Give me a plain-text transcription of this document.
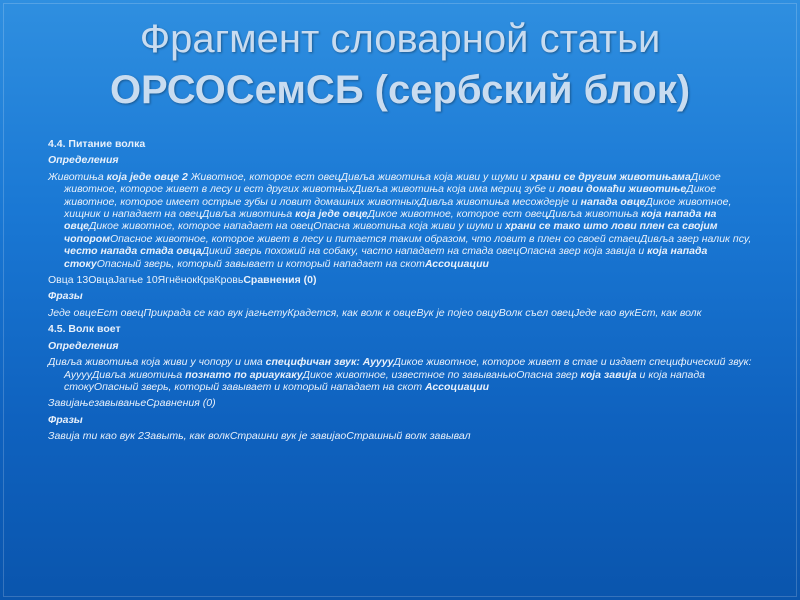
Фрагмент словарной статьи
ОРСОСемСБ (сербский блок)

4.4. Питание волка

Определения

Животиња која једе овце 2 Животное, которое ест овецДивља животиња која живи у шуми и храни се другим животињамаДикое животное, которое живет в лесу и ест других животныхДивља животиња која има мериц зубе и лови домаћи животињеДикое животное, которое имеет острые зубы и ловит домашних животныхДивља животиња месождерје и напада овцеДикое животное, хищник и нападает на овецДивља животиња која једе овцеДикое животное, которое ест овецДивља животиња која напада на овцеДикое животное, которое нападает на овецОпасна животиња која живи у шуми и храни се тако што лови плен са својим чопоромОпасное животное, которое живет в лесу и питается таким образом, что ловит в плен со своей стаеиДивља звер налик псу, често напада стада овцаДикий зверь похожий на собаку, часто нападает на стада овецОпасна звер која завија и која напада стокуОпасный зверь, который завывает и который нападает на скотАссоциации

Овца 13ОвцаЈагње 10ЯгнёнокКрвКровьСравнения (0)

Фразы

Једе овцеЕст овецПрикрада се као вук јагњетуКрадется, как волк к овцеВук је појео овцуВолк съел овецЈеде као вукЕст, как волк

4.5. Волк воет

Определения

Дивља животиња која живи у чопору и има специфичан звук: АууууДикое животное, которое живет в стае и издает специфический звук: АууууДивља животиња познато по ариаукакуДикое животное, известное по завываньюОпасна звер која завија и која напада стокуОпасный зверь, который завывает и который нападает на скот Ассоциации

ЗавијањезавываньеСравнения (0)

Фразы

Завија ти као вук 2Завыть, как волкСтрашни вук је завијаоСтрашный волк завывал
